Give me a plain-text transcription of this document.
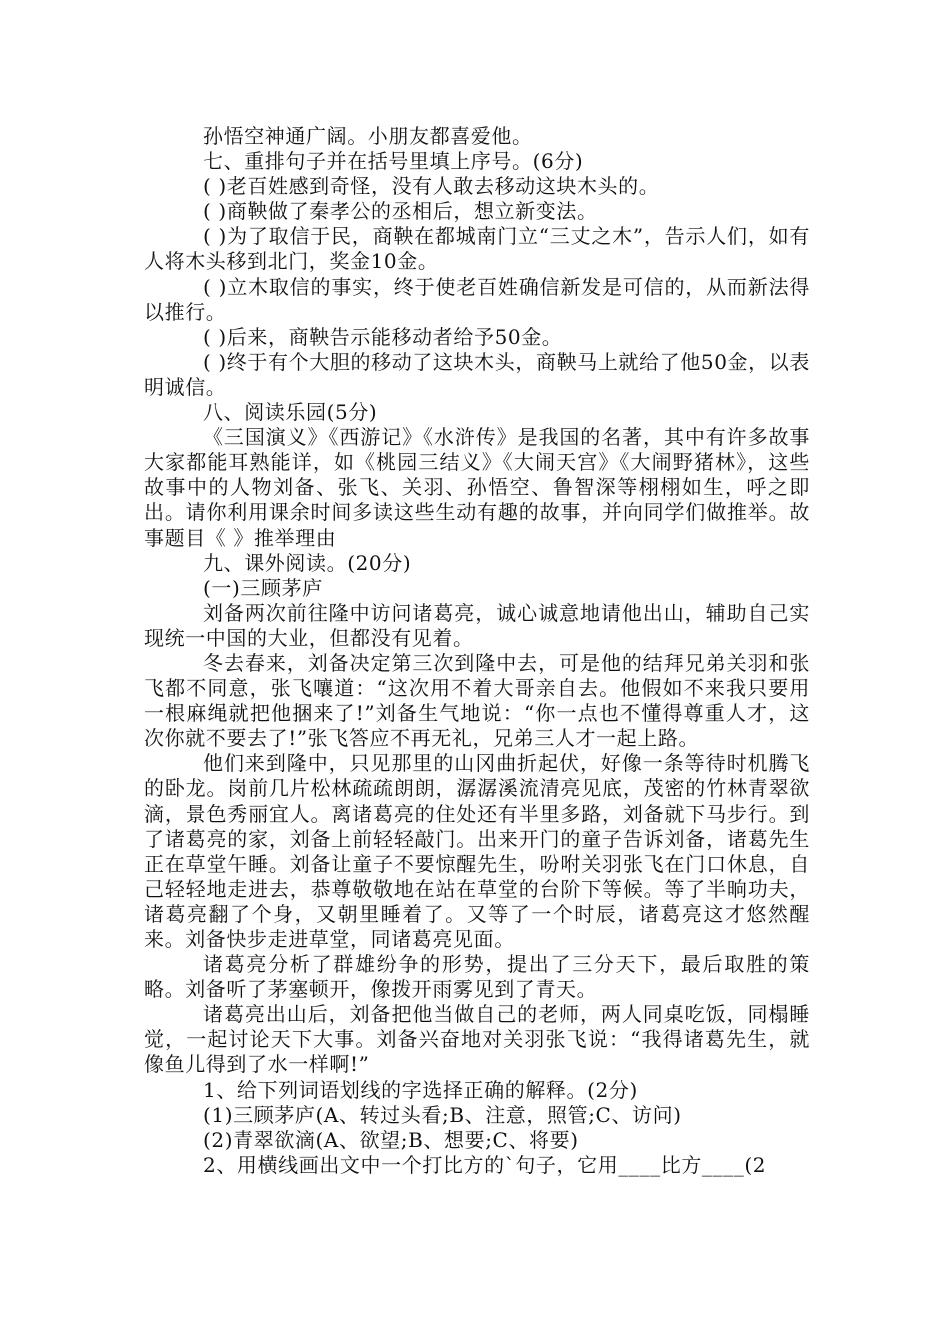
孙悟空神通广阔。小朋友都喜爱他。

七、重排句子并在括号里填上序号。(6分)

( )老百姓感到奇怪，没有人敢去移动这块木头的。

( )商鞅做了秦孝公的丞相后，想立新变法。

( )为了取信于民，商鞅在都城南门立“三丈之木”，告示人们，如有人将木头移到北门，奖金10金。

( )立木取信的事实，终于使老百姓确信新发是可信的，从而新法得以推行。

( )后来，商鞅告示能移动者给予50金。

( )终于有个大胆的移动了这块木头，商鞅马上就给了他50金，以表明诚信。

八、阅读乐园(5分)

《三国演义》《西游记》《水浒传》是我国的名著，其中有许多故事大家都能耳熟能详，如《桃园三结义》《大闹天宫》《大闹野猪林》，这些故事中的人物刘备、张飞、关羽、孙悟空、鲁智深等栩栩如生，呼之即出。请你利用课余时间多读这些生动有趣的故事，并向同学们做推举。故事题目《 》推举理由

九、课外阅读。(20分)

(一)三顾茅庐

刘备两次前往隆中访问诸葛亮，诚心诚意地请他出山，辅助自己实现统一中国的大业，但都没有见着。

冬去春来，刘备决定第三次到隆中去，可是他的结拜兄弟关羽和张飞都不同意，张飞嚷道：“这次用不着大哥亲自去。他假如不来我只要用一根麻绳就把他捆来了!”刘备生气地说：“你一点也不懂得尊重人才，这次你就不要去了!”张飞答应不再无礼，兄弟三人才一起上路。

他们来到隆中，只见那里的山冈曲折起伏，好像一条等待时机腾飞的卧龙。岗前几片松林疏疏朗朗，潺潺溪流清亮见底，茂密的竹林青翠欲滴，景色秀丽宜人。离诸葛亮的住处还有半里多路，刘备就下马步行。到了诸葛亮的家，刘备上前轻轻敲门。出来开门的童子告诉刘备，诸葛先生正在草堂午睡。刘备让童子不要惊醒先生，吩咐关羽张飞在门口休息，自己轻轻地走进去，恭尊敬敬地在站在草堂的台阶下等候。等了半晌功夫，诸葛亮翻了个身，又朝里睡着了。又等了一个时辰，诸葛亮这才悠然醒来。刘备快步走进草堂，同诸葛亮见面。

诸葛亮分析了群雄纷争的形势，提出了三分天下，最后取胜的策略。刘备听了茅塞顿开，像拨开雨雾见到了青天。

诸葛亮出山后，刘备把他当做自己的老师，两人同桌吃饭，同榻睡觉，一起讨论天下大事。刘备兴奋地对关羽张飞说：“我得诸葛先生，就像鱼儿得到了水一样啊!”

1、给下列词语划线的字选择正确的解释。(2分)

(1)三顾茅庐(A、转过头看;B、注意，照管;C、访问)

(2)青翠欲滴(A、欲望;B、想要;C、将要)

2、用横线画出文中一个打比方的`句子，它用____比方____(2
